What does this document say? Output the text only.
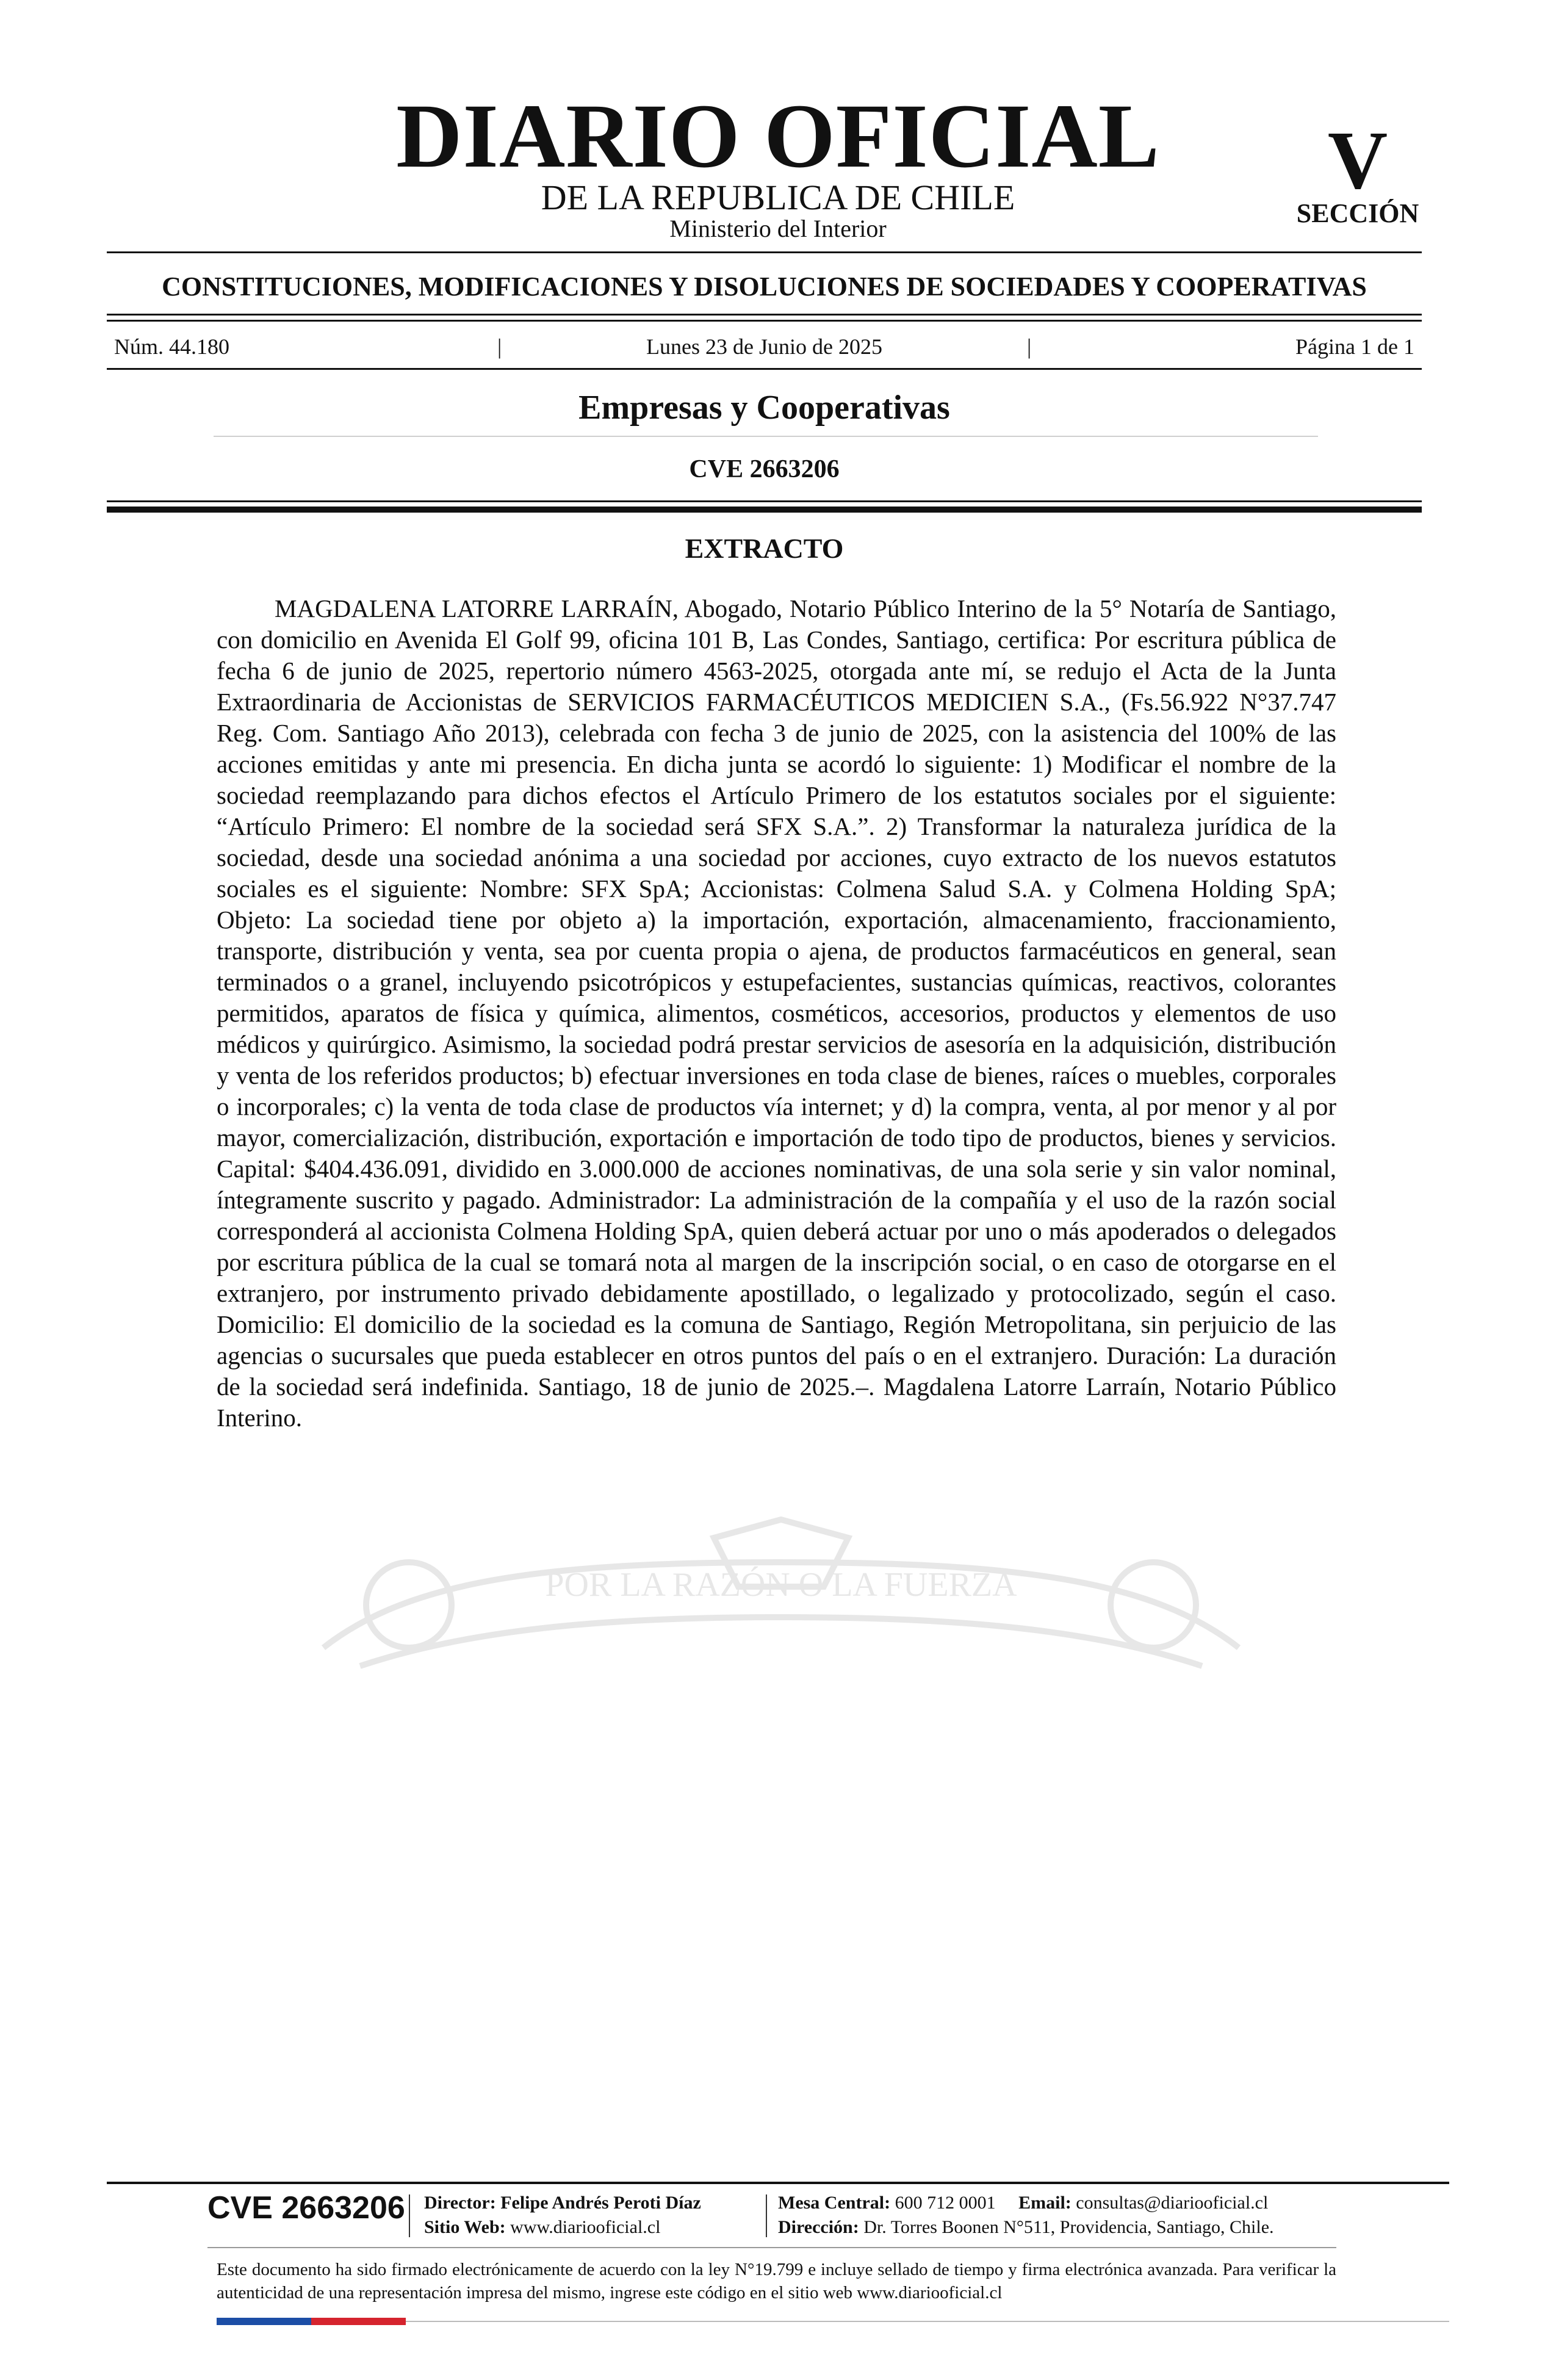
DIARIO OFICIAL
DE LA REPUBLICA DE CHILE
Ministerio del Interior
V
SECCIÓN
CONSTITUCIONES, MODIFICACIONES Y DISOLUCIONES DE SOCIEDADES Y COOPERATIVAS
Núm. 44.180	|	Lunes 23 de Junio de 2025	|	Página 1 de 1
Empresas y Cooperativas
CVE 2663206
EXTRACTO

MAGDALENA LATORRE LARRAÍN, Abogado, Notario Público Interino de la 5° Notaría de Santiago, con domicilio en Avenida El Golf 99, oficina 101 B, Las Condes, Santiago, certifica: Por escritura pública de fecha 6 de junio de 2025, repertorio número 4563-2025, otorgada ante mí, se redujo el Acta de la Junta Extraordinaria de Accionistas de SERVICIOS FARMACÉUTICOS MEDICIEN S.A., (Fs.56.922 N°37.747 Reg. Com. Santiago Año 2013), celebrada con fecha 3 de junio de 2025, con la asistencia del 100% de las acciones emitidas y ante mi presencia. En dicha junta se acordó lo siguiente: 1) Modificar el nombre de la sociedad reemplazando para dichos efectos el Artículo Primero de los estatutos sociales por el siguiente: “Artículo Primero: El nombre de la sociedad será SFX S.A.”. 2) Transformar la naturaleza jurídica de la sociedad, desde una sociedad anónima a una sociedad por acciones, cuyo extracto de los nuevos estatutos sociales es el siguiente: Nombre: SFX SpA; Accionistas: Colmena Salud S.A. y Colmena Holding SpA; Objeto: La sociedad tiene por objeto a) la importación, exportación, almacenamiento, fraccionamiento, transporte, distribución y venta, sea por cuenta propia o ajena, de productos farmacéuticos en general, sean terminados o a granel, incluyendo psicotrópicos y estupefacientes, sustancias químicas, reactivos, colorantes permitidos, aparatos de física y química, alimentos, cosméticos, accesorios, productos y elementos de uso médicos y quirúrgico. Asimismo, la sociedad podrá prestar servicios de asesoría en la adquisición, distribución y venta de los referidos productos; b) efectuar inversiones en toda clase de bienes, raíces o muebles, corporales o incorporales; c) la venta de toda clase de productos vía internet; y d) la compra, venta, al por menor y al por mayor, comercialización, distribución, exportación e importación de todo tipo de productos, bienes y servicios. Capital: $404.436.091, dividido en 3.000.000 de acciones nominativas, de una sola serie y sin valor nominal, íntegramente suscrito y pagado. Administrador: La administración de la compañía y el uso de la razón social corresponderá al accionista Colmena Holding SpA, quien deberá actuar por uno o más apoderados o delegados por escritura pública de la cual se tomará nota al margen de la inscripción social, o en caso de otorgarse en el extranjero, por instrumento privado debidamente apostillado, o legalizado y protocolizado, según el caso. Domicilio: El domicilio de la sociedad es la comuna de Santiago, Región Metropolitana, sin perjuicio de las agencias o sucursales que pueda establecer en otros puntos del país o en el extranjero. Duración: La duración de la sociedad será indefinida. Santiago, 18 de junio de 2025.–. Magdalena Latorre Larraín, Notario Público Interino.

POR LA RAZÓN O LA FUERZA
CVE 2663206 Director: Felipe Andrés Peroti Díaz
Sitio Web: www.diariooficial.cl
Mesa Central: 600 712 0001 Email: consultas@diariooficial.cl
Dirección: Dr. Torres Boonen N°511, Providencia, Santiago, Chile.
Este documento ha sido firmado electrónicamente de acuerdo con la ley N°19.799 e incluye sellado de tiempo y firma electrónica avanzada. Para verificar la autenticidad de una representación impresa del mismo, ingrese este código en el sitio web www.diariooficial.cl
